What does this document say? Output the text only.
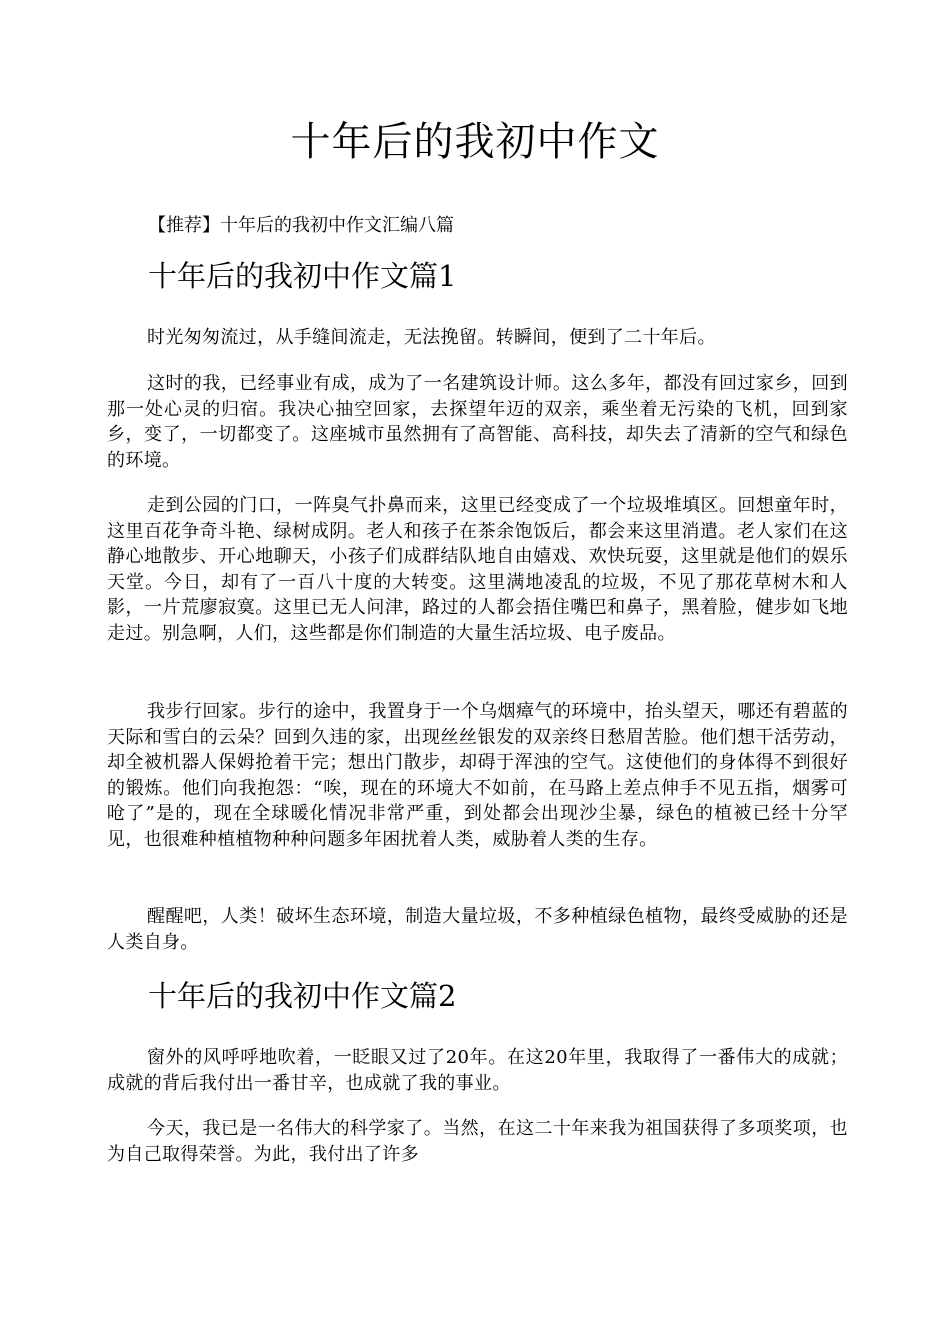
十年后的我初中作文

【推荐】十年后的我初中作文汇编八篇

十年后的我初中作文篇1

时光匆匆流过，从手缝间流走，无法挽留。转瞬间，便到了二十年后。

这时的我，已经事业有成，成为了一名建筑设计师。这么多年，都没有回过家乡，回到那一处心灵的归宿。我决心抽空回家，去探望年迈的双亲，乘坐着无污染的飞机，回到家乡，变了，一切都变了。这座城市虽然拥有了高智能、高科技，却失去了清新的空气和绿色的环境。

走到公园的门口，一阵臭气扑鼻而来，这里已经变成了一个垃圾堆填区。回想童年时，这里百花争奇斗艳、绿树成阴。老人和孩子在茶余饱饭后，都会来这里消遣。老人家们在这静心地散步、开心地聊天，小孩子们成群结队地自由嬉戏、欢快玩耍，这里就是他们的娱乐天堂。今日，却有了一百八十度的大转变。这里满地凌乱的垃圾，不见了那花草树木和人影，一片荒廖寂寞。这里已无人问津，路过的人都会捂住嘴巴和鼻子，黑着脸，健步如飞地走过。别急啊，人们，这些都是你们制造的大量生活垃圾、电子废品。

我步行回家。步行的途中，我置身于一个乌烟瘴气的环境中，抬头望天，哪还有碧蓝的天际和雪白的云朵？回到久违的家，出现丝丝银发的双亲终日愁眉苦脸。他们想干活劳动，却全被机器人保姆抢着干完；想出门散步，却碍于浑浊的空气。这使他们的身体得不到很好的锻炼。他们向我抱怨：“唉，现在的环境大不如前，在马路上差点伸手不见五指，烟雾可呛了”是的，现在全球暖化情况非常严重，到处都会出现沙尘暴，绿色的植被已经十分罕见，也很难种植植物种种问题多年困扰着人类，威胁着人类的生存。

醒醒吧，人类！破坏生态环境，制造大量垃圾，不多种植绿色植物，最终受威胁的还是人类自身。

十年后的我初中作文篇2

窗外的风呼呼地吹着，一眨眼又过了20年。在这20年里，我取得了一番伟大的成就；成就的背后我付出一番甘辛，也成就了我的事业。

今天，我已是一名伟大的科学家了。当然，在这二十年来我为祖国获得了多项奖项，也为自己取得荣誉。为此，我付出了许多
